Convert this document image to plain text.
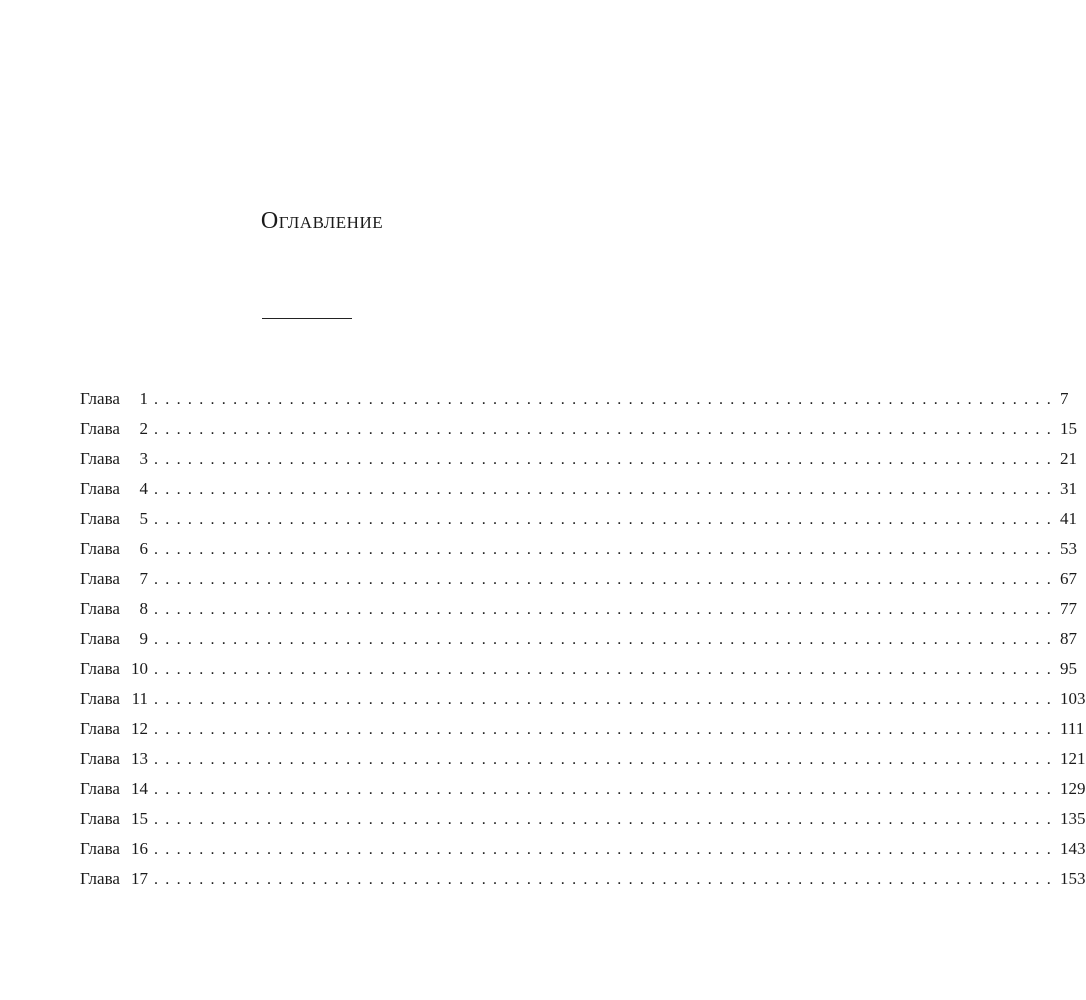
Оглавление
Глава 1 ................................................................................ 7
Глава 2 ................................................................................ 15
Глава 3 ................................................................................ 21
Глава 4 ................................................................................ 31
Глава 5 ................................................................................ 41
Глава 6 ................................................................................ 53
Глава 7 ................................................................................ 67
Глава 8 ................................................................................ 77
Глава 9 ................................................................................ 87
Глава 10 ................................................................................ 95
Глава 11 ................................................................................ 103
Глава 12 ................................................................................ 111
Глава 13 ................................................................................ 121
Глава 14 ................................................................................ 129
Глава 15 ................................................................................ 135
Глава 16 ................................................................................ 143
Глава 17 ................................................................................ 153
